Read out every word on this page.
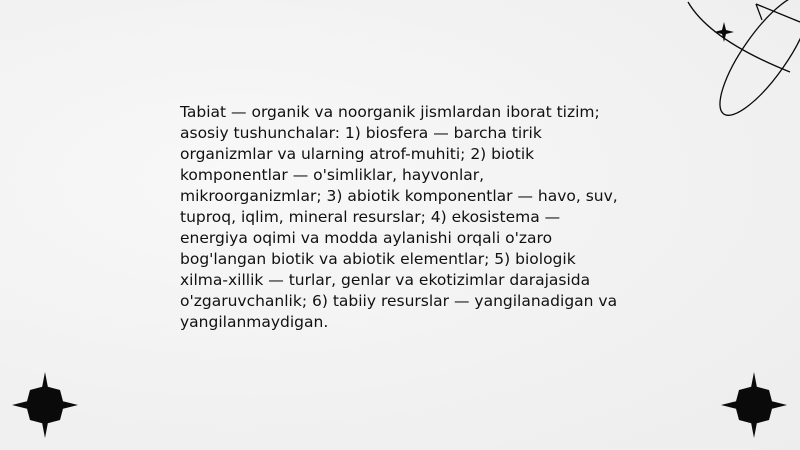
Tabiat — organik va noorganik jismlardan iborat tizim; asosiy tushunchalar: 1) biosfera — barcha tirik organizmlar va ularning atrof-muhiti; 2) biotik komponentlar — o'simliklar, hayvonlar, mikroorganizmlar; 3) abiotik komponentlar — havo, suv, tuproq, iqlim, mineral resurslar; 4) ekosistema — energiya oqimi va modda aylanishi orqali o'zaro bog'langan biotik va abiotik elementlar; 5) biologik xilma-xillik — turlar, genlar va ekotizimlar darajasida o'zgaruvchanlik; 6) tabiiy resurslar — yangilanadigan va yangilanmaydigan.
